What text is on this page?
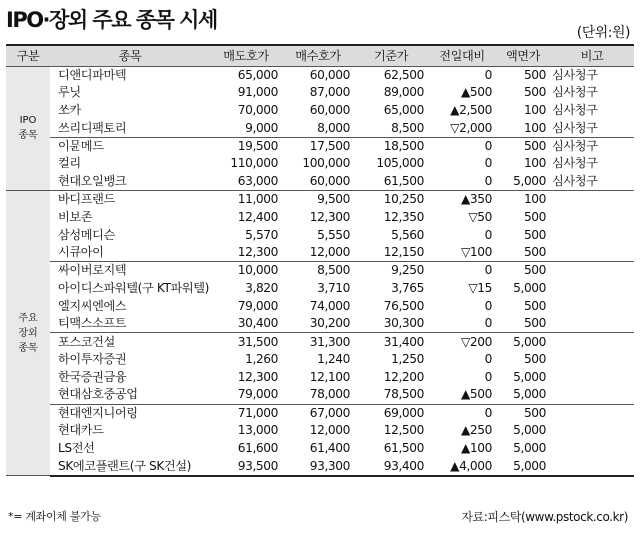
IPO·장외 주요 종목 시세
(단위:원)
구분	종목	매도호가	매수호가	기준가	전일대비	액면가	비고
IPO
종목	디앤디파마텍	65,000	60,000	62,500	0	500	심사청구
	루닛	91,000	87,000	89,000	▲500	500	심사청구
	쏘카	70,000	60,000	65,000	▲2,500	100	심사청구
	쓰리디팩토리	9,000	8,000	8,500	▽2,000	100	심사청구
	이뮨메드	19,500	17,500	18,500	0	500	심사청구
	컬리	110,000	100,000	105,000	0	100	심사청구
	현대오일뱅크	63,000	60,000	61,500	0	5,000	심사청구
주요
장외
종목	바디프랜드	11,000	9,500	10,250	▲350	100	
	비보존	12,400	12,300	12,350	▽50	500	
	삼성메디슨	5,570	5,550	5,560	0	500	
	시큐아이	12,300	12,000	12,150	▽100	500	
	싸이버로지텍	10,000	8,500	9,250	0	500	
	아이디스파워텔(구 KT파워텔)	3,820	3,710	3,765	▽15	5,000	
	엘지씨엔에스	79,000	74,000	76,500	0	500	
	티맥스소프트	30,400	30,200	30,300	0	500	
	포스코건설	31,500	31,300	31,400	▽200	5,000	
	하이투자증권	1,260	1,240	1,250	0	500	
	한국증권금융	12,300	12,100	12,200	0	5,000	
	현대삼호중공업	79,000	78,000	78,500	▲500	5,000	
	현대엔지니어링	71,000	67,000	69,000	0	500	
	현대카드	13,000	12,000	12,500	▲250	5,000	
	LS전선	61,600	61,400	61,500	▲100	5,000	
	SK에코플랜트(구 SK건설)	93,500	93,300	93,400	▲4,000	5,000	
*= 계좌이체 불가능	자료:피스탁(www.pstock.co.kr)
